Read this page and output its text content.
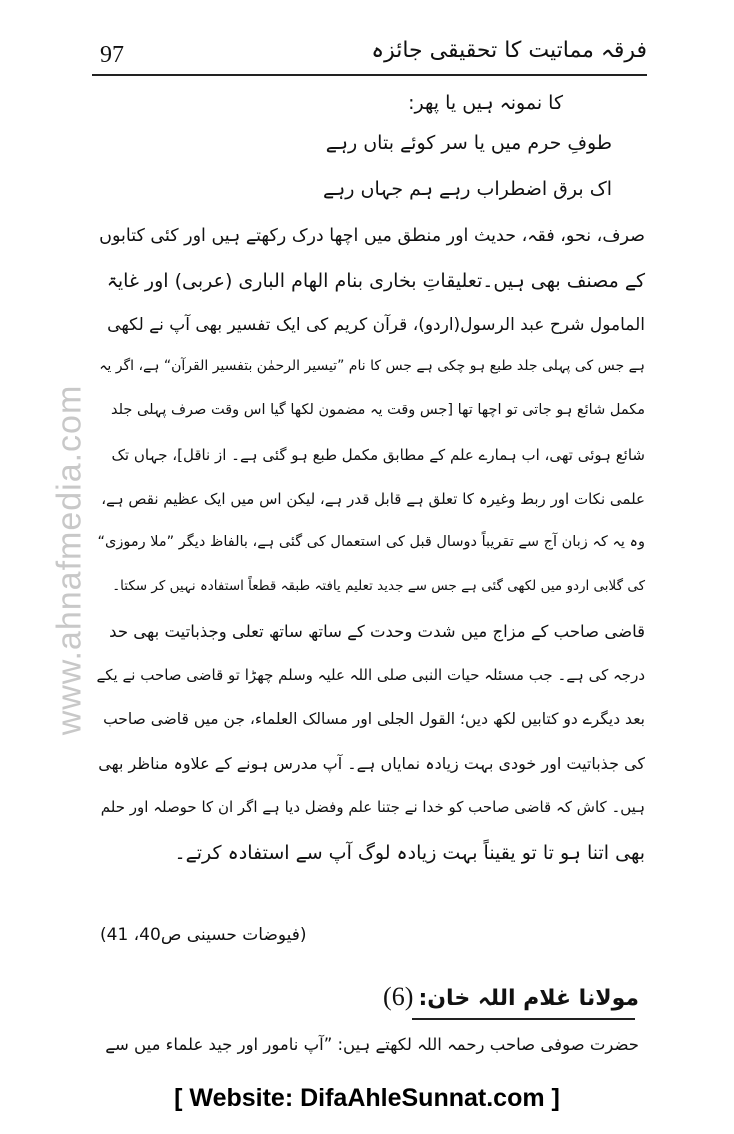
97	فرقہ مماتیت کا تحقیقی جائزہ
www.ahnafmedia.com
کا نمونہ ہیں یا پھر:
طوفِ حرم میں یا سر کوئے بتاں رہے
اک برق اضطراب رہے ہم جہاں رہے
صرف، نحو، فقہ، حدیث اور منطق میں اچھا درک رکھتے ہیں اور کئی کتابوں
کے مصنف بھی ہیں۔تعلیقاتِ بخاری بنام الھام الباری (عربی) اور غایۃ
المامول شرح عبد الرسول(اردو)، قرآن کریم کی ایک تفسیر بھی آپ نے لکھی
ہے جس کی پہلی جلد طبع ہو چکی ہے جس کا نام ”تیسیر الرحمٰن بتفسیر القرآن“ ہے، اگر یہ
مکمل شائع ہو جاتی تو اچھا تھا [جس وقت یہ مضمون لکھا گیا اس وقت صرف پہلی جلد
شائع ہوئی تھی، اب ہمارے علم کے مطابق مکمل طبع ہو گئی ہے۔ از ناقل]، جہاں تک
علمی نکات اور ربط وغیرہ کا تعلق ہے قابل قدر ہے، لیکن اس میں ایک عظیم نقص ہے،
وہ یہ کہ زبان آج سے تقریباً دوسال قبل کی استعمال کی گئی ہے، بالفاظ دیگر ”ملا رموزی“
کی گلابی اردو میں لکھی گئی ہے جس سے جدید تعلیم یافتہ طبقہ قطعاً استفادہ نہیں کر سکتا۔
قاضی صاحب کے مزاج میں شدت وحدت کے ساتھ ساتھ تعلی وجذباتیت بھی حد
درجہ کی ہے۔ جب مسئلہ حیات النبی صلی اللہ علیہ وسلم چھڑا تو قاضی صاحب نے یکے
بعد دیگرے دو کتابیں لکھ دیں؛ القول الجلی اور مسالک العلماء، جن میں قاضی صاحب
کی جذباتیت اور خودی بہت زیادہ نمایاں ہے۔ آپ مدرس ہونے کے علاوہ مناظر بھی
ہیں۔ کاش کہ قاضی صاحب کو خدا نے جتنا علم وفضل دیا ہے اگر ان کا حوصلہ اور حلم
بھی اتنا ہو تا تو یقیناً بہت زیادہ لوگ آپ سے استفادہ کرتے۔
(فیوضات حسینی ص40، 41)
مولانا غلام اللہ خان: (6)
حضرت صوفی صاحب رحمہ اللہ لکھتے ہیں: ”آپ نامور اور جید علماء میں سے
[ Website: DifaAhleSunnat.com ]
